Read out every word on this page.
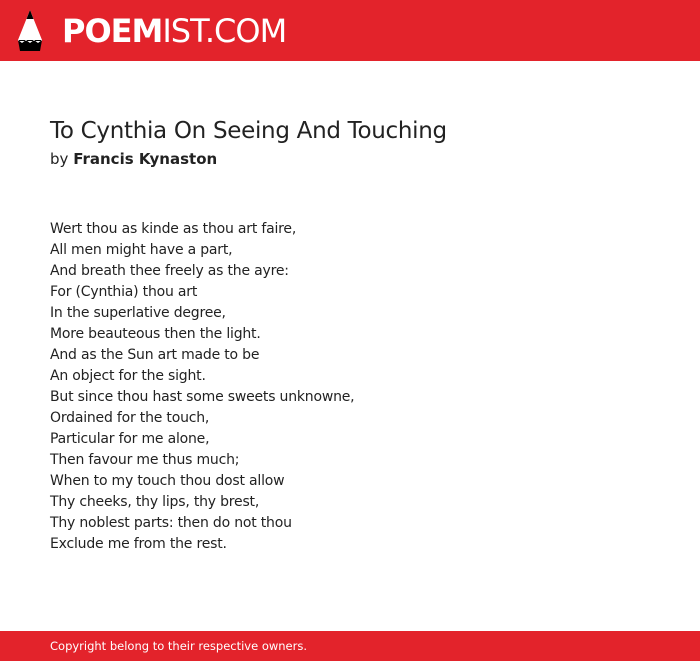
POEMIST.COM
To Cynthia On Seeing And Touching
by Francis Kynaston
Wert thou as kinde as thou art faire,
All men might have a part,
And breath thee freely as the ayre:
For (Cynthia) thou art
In the superlative degree,
More beauteous then the light.
And as the Sun art made to be
An object for the sight.
But since thou hast some sweets unknowne,
Ordained for the touch,
Particular for me alone,
Then favour me thus much;
When to my touch thou dost allow
Thy cheeks, thy lips, thy brest,
Thy noblest parts: then do not thou
Exclude me from the rest.
Copyright belong to their respective owners.
